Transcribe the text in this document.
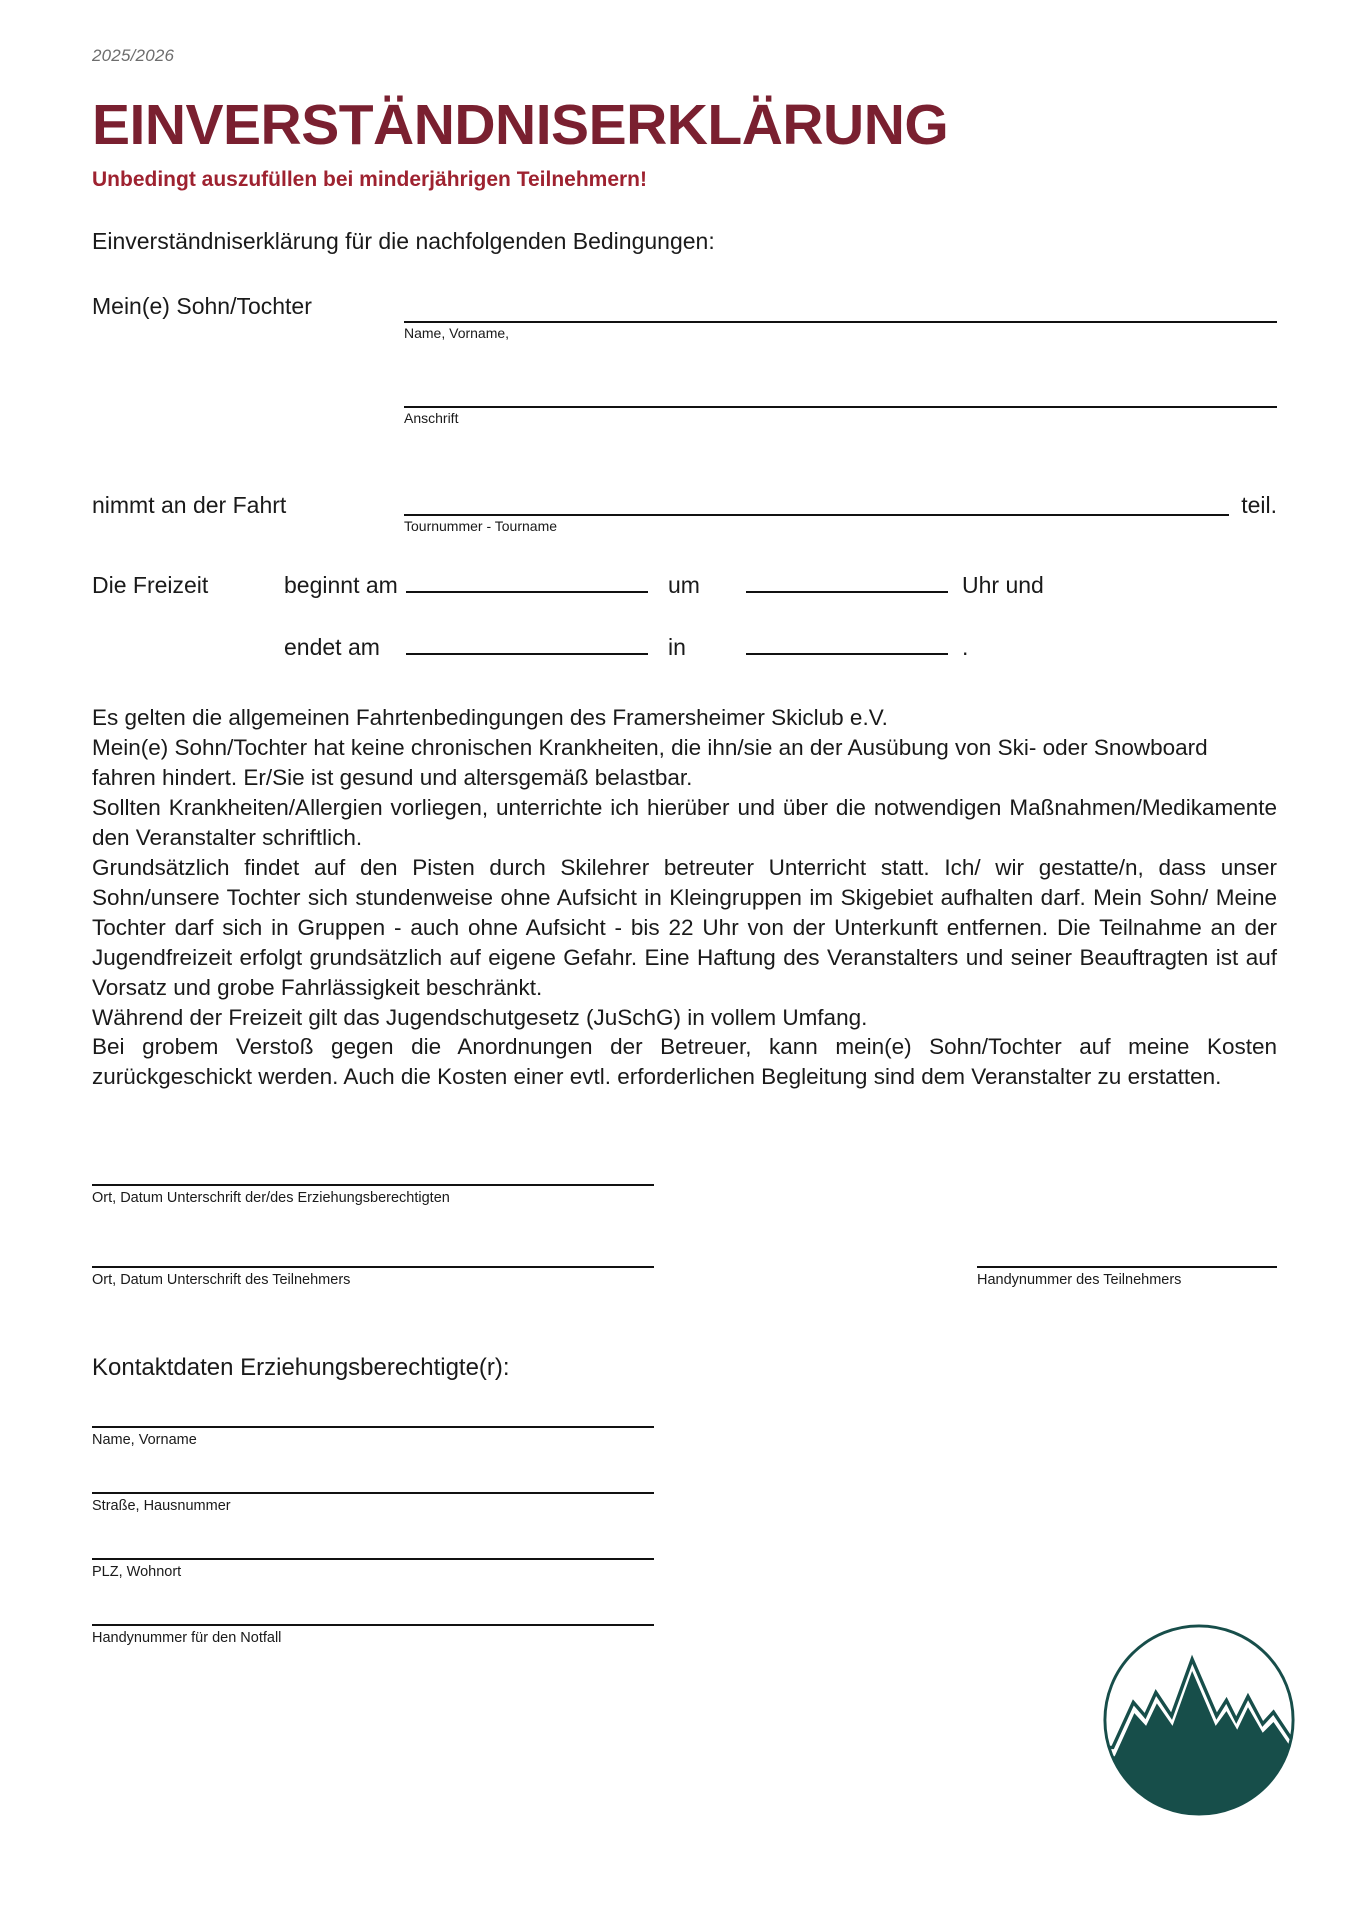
2025/2026
EINVERSTÄNDNISERKLÄRUNG
Unbedingt auszufüllen bei minderjährigen Teilnehmern!
Einverständniserklärung für die nachfolgenden Bedingungen:
Mein(e) Sohn/Tochter
Name, Vorname,
Anschrift
nimmt an der Fahrt
Tournummer - Tourname
teil.
Die Freizeit	beginnt am	um	Uhr und
endet am	in	.

Es gelten die allgemeinen Fahrtenbedingungen des Framersheimer Skiclub e.V.

Mein(e) Sohn/Tochter hat keine chronischen Krankheiten, die ihn/sie an der Ausübung von Ski- oder Snowboard fahren hindert. Er/Sie ist gesund und altersgemäß belastbar.

Sollten Krankheiten/Allergien vorliegen, unterrichte ich hierüber und über die notwendigen Maßnahmen/Medikamente den Veranstalter schriftlich.

Grundsätzlich findet auf den Pisten durch Skilehrer betreuter Unterricht statt. Ich/ wir gestatte/n, dass unser Sohn/unsere Tochter sich stundenweise ohne Aufsicht in Kleingruppen im Skigebiet aufhalten darf. Mein Sohn/ Meine Tochter darf sich in Gruppen - auch ohne Aufsicht - bis 22 Uhr von der Unterkunft entfernen. Die Teilnahme an der Jugendfreizeit erfolgt grundsätzlich auf eigene Gefahr. Eine Haftung des Veranstalters und seiner Beauftragten ist auf Vorsatz und grobe Fahrlässigkeit beschränkt.

Während der Freizeit gilt das Jugendschutgesetz (JuSchG) in vollem Umfang.

Bei grobem Verstoß gegen die Anordnungen der Betreuer, kann mein(e) Sohn/Tochter auf meine Kosten zurückgeschickt werden. Auch die Kosten einer evtl. erforderlichen Begleitung sind dem Veranstalter zu erstatten.

Ort, Datum Unterschrift der/des Erziehungsberechtigten
Ort, Datum Unterschrift des Teilnehmers	Handynummer des Teilnehmers
Kontaktdaten Erziehungsberechtigte(r):
Name, Vorname
Straße, Hausnummer
PLZ, Wohnort
Handynummer für den Notfall
